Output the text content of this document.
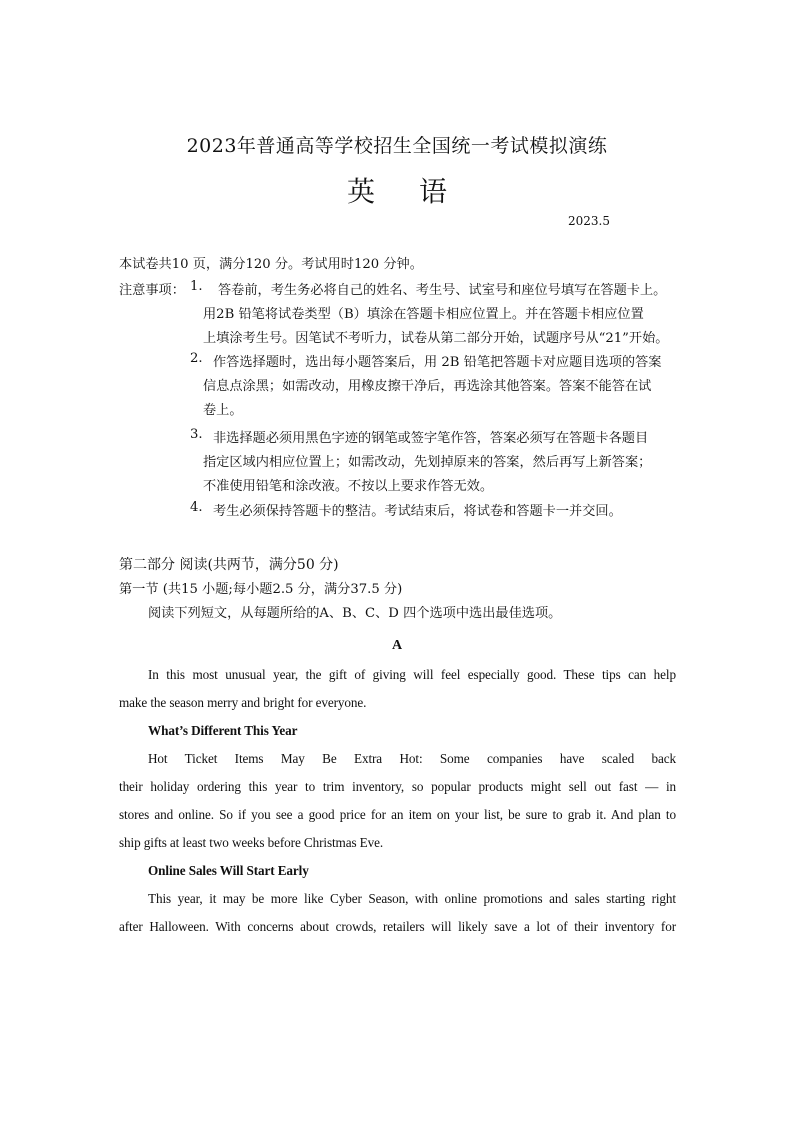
2023年普通高等学校招生全国统一考试模拟演练
英语
2023.5
本试卷共10 页，满分120 分。考试用时120 分钟。
注意事项： 1. 答卷前，考生务必将自己的姓名、考生号、试室号和座位号填写在答题卡上。
用2B 铅笔将试卷类型（B）填涂在答题卡相应位置上。并在答题卡相应位置
上填涂考生号。因笔试不考听力，试卷从第二部分开始，试题序号从“21”开始。
2. 作答选择题时，选出每小题答案后，用 2B 铅笔把答题卡对应题目选项的答案
信息点涂黑；如需改动，用橡皮擦干净后，再选涂其他答案。答案不能答在试
卷上。
3. 非选择题必须用黑色字迹的钢笔或签字笔作答，答案必须写在答题卡各题目
指定区域内相应位置上；如需改动，先划掉原来的答案，然后再写上新答案；
不准使用铅笔和涂改液。不按以上要求作答无效。
4. 考生必须保持答题卡的整洁。考试结束后，将试卷和答题卡一并交回。
第二部分 阅读(共两节，满分50 分)
第一节 (共15 小题;每小题2.5 分，满分37.5 分)
阅读下列短文，从每题所给的A、B、C、D 四个选项中选出最佳选项。
A
In this most unusual year, the gift of giving will feel especially good. These tips can help
make the season merry and bright for everyone.
What’s Different This Year
Hot Ticket Items May Be Extra Hot: Some companies have scaled back
their holiday ordering this year to trim inventory, so popular products might sell out fast — in
stores and online. So if you see a good price for an item on your list, be sure to grab it. And plan to
ship gifts at least two weeks before Christmas Eve.
Online Sales Will Start Early
This year, it may be more like Cyber Season, with online promotions and sales starting right
after Halloween. With concerns about crowds, retailers will likely save a lot of their inventory for
